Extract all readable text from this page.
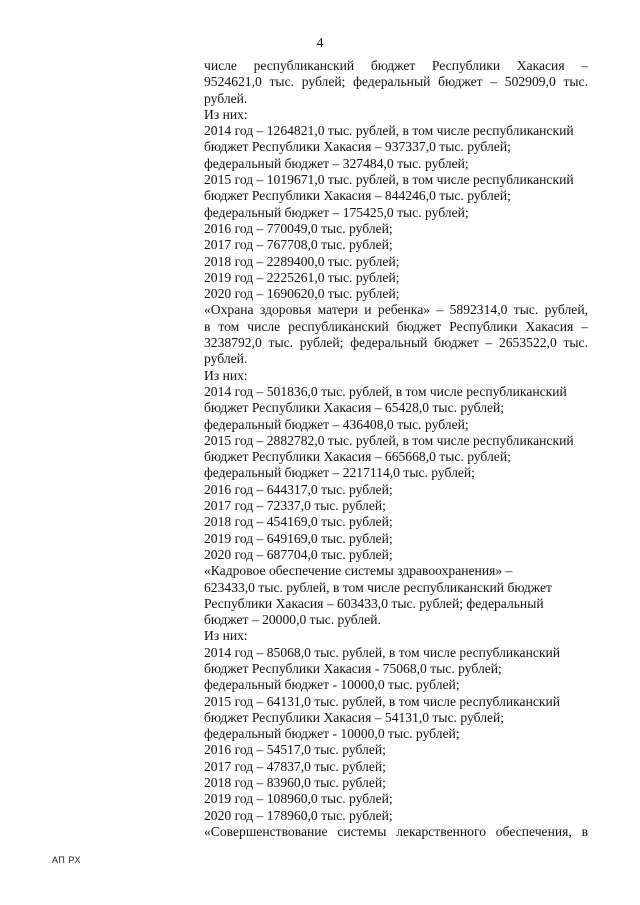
4
числе республиканский бюджет Республики Хакасия –
9524621,0 тыс. рублей; федеральный бюджет – 502909,0 тыс.
рублей.
Из них:
2014 год – 1264821,0 тыс. рублей, в том числе республиканский
бюджет Республики Хакасия – 937337,0 тыс. рублей;
федеральный бюджет – 327484,0 тыс. рублей;
2015 год – 1019671,0 тыс. рублей, в том числе республиканский
бюджет Республики Хакасия – 844246,0 тыс. рублей;
федеральный бюджет – 175425,0 тыс. рублей;
2016 год – 770049,0 тыс. рублей;
2017 год – 767708,0 тыс. рублей;
2018 год – 2289400,0 тыс. рублей;
2019 год – 2225261,0 тыс. рублей;
2020 год – 1690620,0 тыс. рублей;
«Охрана здоровья матери и ребенка» – 5892314,0 тыс. рублей,
в том числе республиканский бюджет Республики Хакасия –
3238792,0 тыс. рублей; федеральный бюджет – 2653522,0 тыс.
рублей.
Из них:
2014 год – 501836,0 тыс. рублей, в том числе республиканский
бюджет Республики Хакасия – 65428,0 тыс. рублей;
федеральный бюджет – 436408,0 тыс. рублей;
2015 год – 2882782,0 тыс. рублей, в том числе республиканский
бюджет Республики Хакасия – 665668,0 тыс. рублей;
федеральный бюджет – 2217114,0 тыс. рублей;
2016 год – 644317,0 тыс. рублей;
2017 год – 72337,0 тыс. рублей;
2018 год – 454169,0 тыс. рублей;
2019 год – 649169,0 тыс. рублей;
2020 год – 687704,0 тыс. рублей;
«Кадровое обеспечение системы здравоохранения» –
623433,0 тыс. рублей, в том числе республиканский бюджет
Республики Хакасия – 603433,0 тыс. рублей; федеральный
бюджет – 20000,0 тыс. рублей.
Из них:
2014 год – 85068,0 тыс. рублей, в том числе республиканский
бюджет Республики Хакасия - 75068,0 тыс. рублей;
федеральный бюджет - 10000,0 тыс. рублей;
2015 год – 64131,0 тыс. рублей, в том числе республиканский
бюджет Республики Хакасия – 54131,0 тыс. рублей;
федеральный бюджет - 10000,0 тыс. рублей;
2016 год – 54517,0 тыс. рублей;
2017 год – 47837,0 тыс. рублей;
2018 год – 83960,0 тыс. рублей;
2019 год – 108960,0 тыс. рублей;
2020 год – 178960,0 тыс. рублей;
«Совершенствование системы лекарственного обеспечения, в
АП РХ
